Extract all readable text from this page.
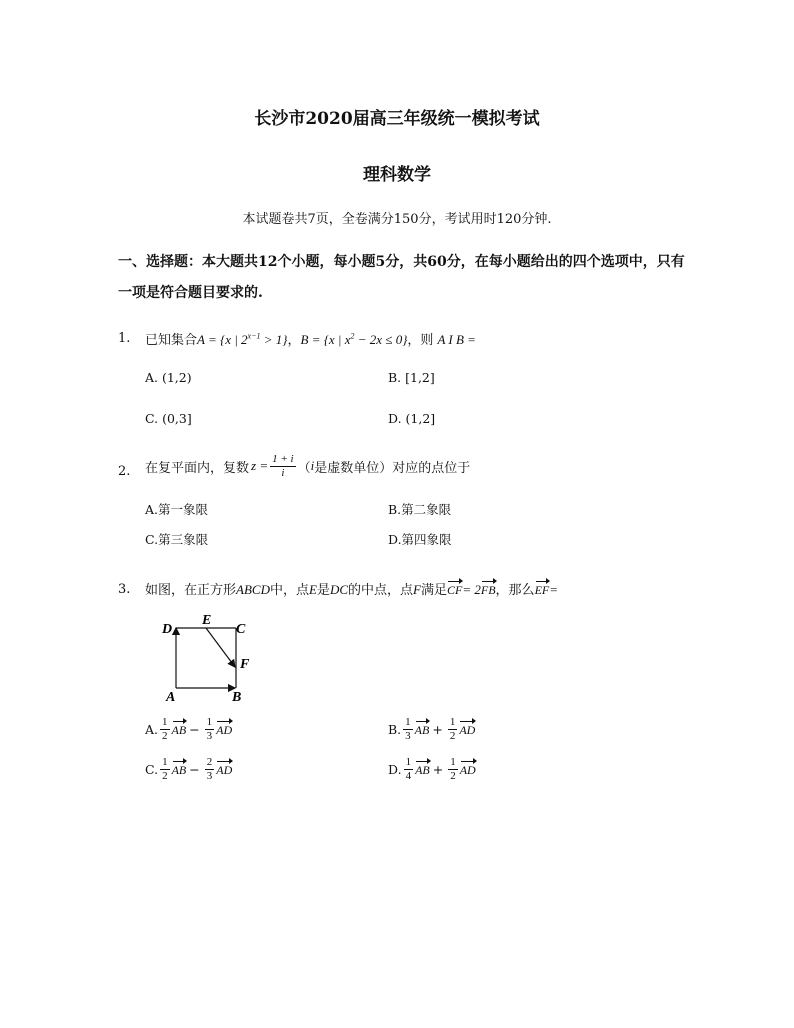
长沙市2020届高三年级统一模拟考试
理科数学
本试题卷共7页，全卷满分150分，考试用时120分钟.
一、选择题：本大题共12个小题，每小题5分，共60分，在每小题给出的四个选项中，只有
一项是符合题目要求的.
1. 已知集合A = {x | $2^{x-1} > 1$}，B = {x | $x^2 - 2x \le 0$}，则 A I B =
A. (1,2)	B. [1,2]
C. (0,3]	D. (1,2]
2. 在复平面内，复数 $z = \frac{1 + i}{i}$ （ i 是虚数单位）对应的点位于
A.第一象限	B.第二象限
C.第三象限	D.第四象限
3. 如图，在正方形 ABCD 中，点 E 是 DC 的中点，点 F 满足 CF = 2 FB ，那么 EF =
D
E
C
F
A	B
A. $\frac{1}{2}$ AB − $\frac{1}{3}$ AD	B. $\frac{1}{3}$ AB + $\frac{1}{2}$ AD
C. $\frac{1}{2}$ AB − $\frac{2}{3}$ AD	D. $\frac{1}{4}$ AB + $\frac{1}{2}$ AD
